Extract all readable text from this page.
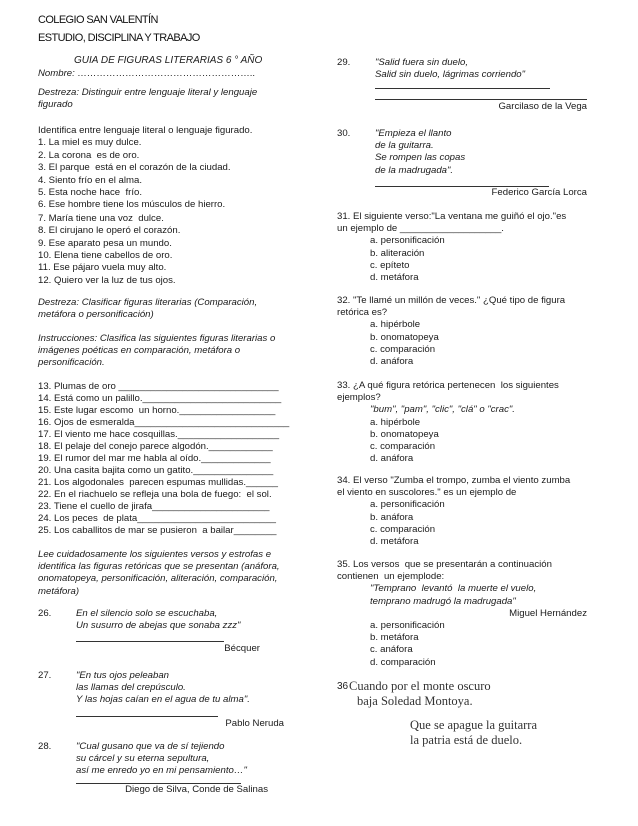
COLEGIO SAN VALENTÍN
ESTUDIO, DISCIPLINA Y TRABAJO
GUIA DE FIGURAS LITERARIAS 6 ° AÑO
Nombre: ………………………………………………..
Destreza: Distinguir entre lenguaje literal y lenguaje
figurado
Identifica entre lenguaje literal o lenguaje figurado.
1. La miel es muy dulce.
2. La corona  es de oro.
3. El parque  está en el corazón de la ciudad.
4. Siento frío en el alma.
5. Esta noche hace  frío.
6. Ese hombre tiene los músculos de hierro.
7. María tiene una voz  dulce.
8. El cirujano le operó el corazón.
9. Ese aparato pesa un mundo.
10. Elena tiene cabellos de oro.
11. Ese pájaro vuela muy alto.
12. Quiero ver la luz de tus ojos.
Destreza: Clasificar figuras literarias (Comparación,
metáfora o personificación)
Instrucciones: Clasifica las siguientes figuras literarias o
imágenes poéticas en comparación, metáfora o
personificación.
13. Plumas de oro ______________________________
14. Está como un palillo.__________________________
15. Este lugar escomo  un horno.__________________
16. Ojos de esmeralda_____________________________
17. El viento me hace cosquillas.___________________
18. El pelaje del conejo parece algodón.____________
19. El rumor del mar me habla al oído._____________
20. Una casita bajita como un gatito._______________
21. Los algodonales  parecen espumas mullidas.______
22. En el riachuelo se refleja una bola de fuego:  el sol.
23. Tiene el cuello de jirafa______________________
24. Los peces  de plata__________________________
25. Los caballitos de mar se pusieron  a bailar________
Lee cuidadosamente los siguientes versos y estrofas e
identifica las figuras retóricas que se presentan (anáfora,
onomatopeya, personificación, aliteración, comparación,
metáfora)
26.	En el silencio solo se escuchaba,
Un susurro de abejas que sonaba zzz"
Bécquer
27.	"En tus ojos peleaban
las llamas del crepúsculo.
Y las hojas caían en el agua de tu alma".
Pablo Neruda
28.	"Cual gusano que va de sí tejiendo
su cárcel y su eterna sepultura,
así me enredo yo en mi pensamiento…"
Diego de Silva, Conde de Salinas
29.	"Salid fuera sin duelo,
Salid sin duelo, lágrimas corriendo"
Garcilaso de la Vega
30.	"Empieza el llanto
de la guitarra.
Se rompen las copas
de la madrugada".
Federico García Lorca
31. El siguiente verso:"La ventana me guiñó el ojo."es
un ejemplo de ___________________.
a. personificación
b. aliteración
c. epíteto
d. metáfora
32. "Te llamé un millón de veces." ¿Qué tipo de figura
retórica es?
a. hipérbole
b. onomatopeya
c. comparación
d. anáfora
33. ¿A qué figura retórica pertenecen  los siguientes
ejemplos?
"bum", "pam", "clic", "clá" o "crac".
a. hipérbole
b. onomatopeya
c. comparación
d. anáfora
34. El verso "Zumba el trompo, zumba el viento zumba
el viento en suscolores." es un ejemplo de
a. personificación
b. anáfora
c. comparación
d. metáfora
35. Los versos  que se presentarán a continuación
contienen  un ejemplode:
"Temprano  levantó  la muerte el vuelo,
temprano madrugó la madrugada"
Miguel Hernández
a. personificación
b. metáfora
c. anáfora
d. comparación
36 Cuando por el monte oscuro
baja Soledad Montoya.
Que se apague la guitarra
la patria está de duelo.
